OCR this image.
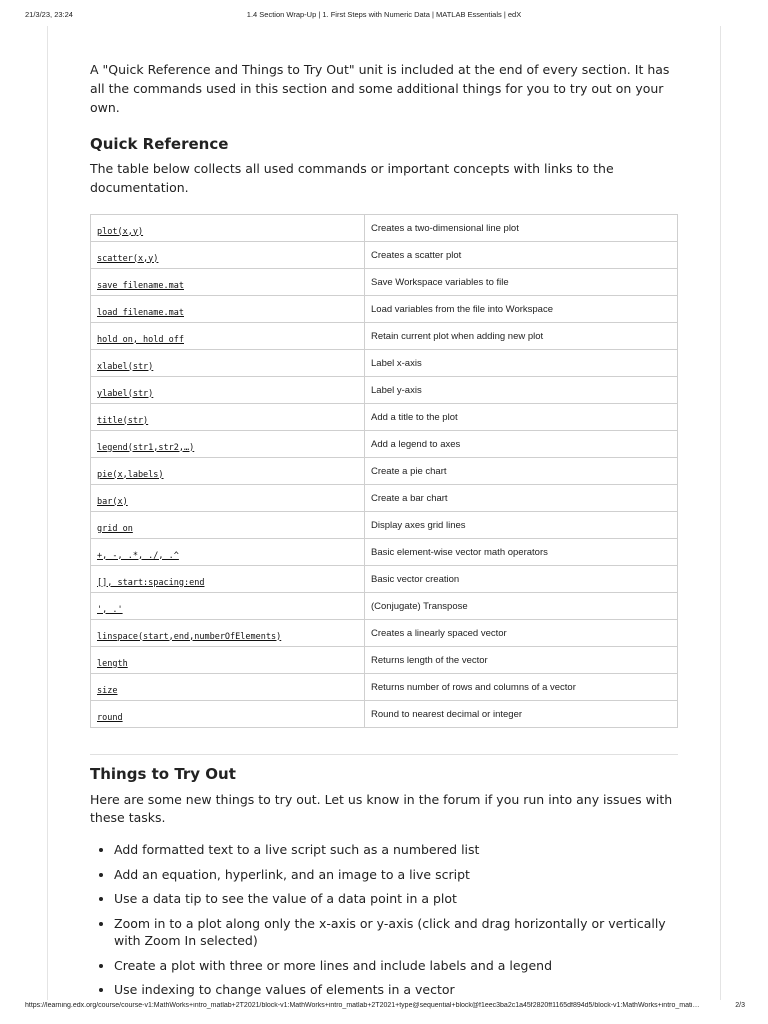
21/3/23, 23:24	1.4 Section Wrap-Up | 1. First Steps with Numeric Data | MATLAB Essentials | edX

A "Quick Reference and Things to Try Out" unit is included at the end of every section. It has all the commands used in this section and some additional things for you to try out on your own.

Quick Reference

The table below collects all used commands or important concepts with links to the documentation.

plot(x,y)	Creates a two-dimensional line plot
scatter(x,y)	Creates a scatter plot
save filename.mat	Save Workspace variables to file
load filename.mat	Load variables from the file into Workspace
hold on, hold off	Retain current plot when adding new plot
xlabel(str)	Label x-axis
ylabel(str)	Label y-axis
title(str)	Add a title to the plot
legend(str1,str2,…)	Add a legend to axes
pie(x,labels)	Create a pie chart
bar(x)	Create a bar chart
grid on	Display axes grid lines
+, -, .*, ./, .^	Basic element-wise vector math operators
[], start:spacing:end	Basic vector creation
', .'	(Conjugate) Transpose
linspace(start,end,numberOfElements)	Creates a linearly spaced vector
length	Returns length of the vector
size	Returns number of rows and columns of a vector
round	Round to nearest decimal or integer
Things to Try Out

Here are some new things to try out. Let us know in the forum if you run into any issues with these tasks.

• Add formatted text to a live script such as a numbered list
• Add an equation, hyperlink, and an image to a live script
• Use a data tip to see the value of a data point in a plot
• Zoom in to a plot along only the x-axis or y-axis (click and drag horizontally or vertically with Zoom In selected)
• Create a plot with three or more lines and include labels and a legend
• Use indexing to change values of elements in a vector
https://learning.edx.org/course/course-v1:MathWorks+intro_matlab+2T2021/block-v1:MathWorks+intro_matlab+2T2021+type@sequential+block@f1eec3ba2c1a45f2820ff1165df894d5/block-v1:MathWorks+intro_mati…	2/3
